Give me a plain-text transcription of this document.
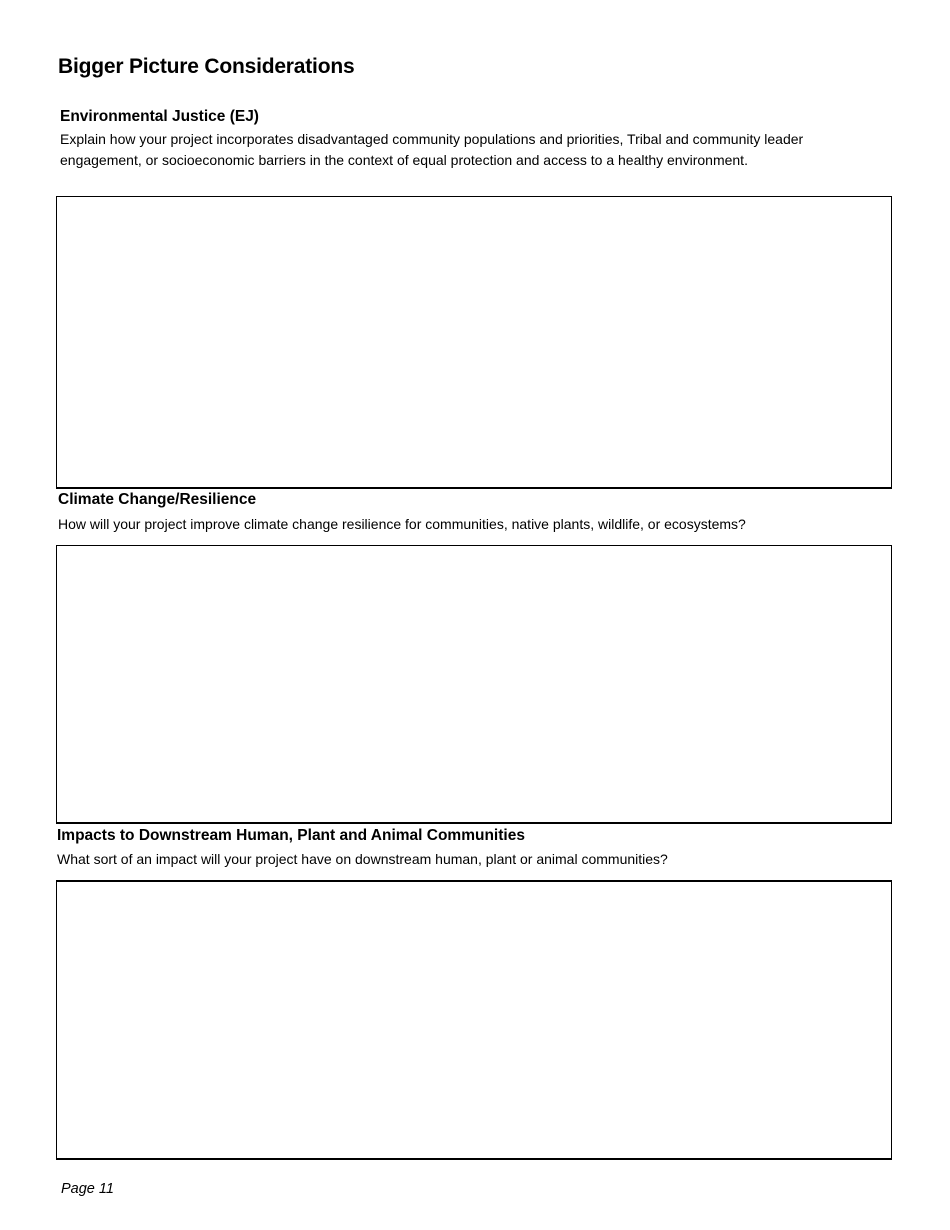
Bigger Picture Considerations
Environmental Justice (EJ)
Explain how your project incorporates disadvantaged community populations and priorities, Tribal and community leader engagement, or socioeconomic barriers in the context of equal protection and access to a healthy environment.
Climate Change/Resilience
How will your project improve climate change resilience for communities, native plants, wildlife, or ecosystems?
Impacts to Downstream Human, Plant and Animal Communities
What sort of an impact will your project have on downstream human, plant or animal communities?
Page 11
